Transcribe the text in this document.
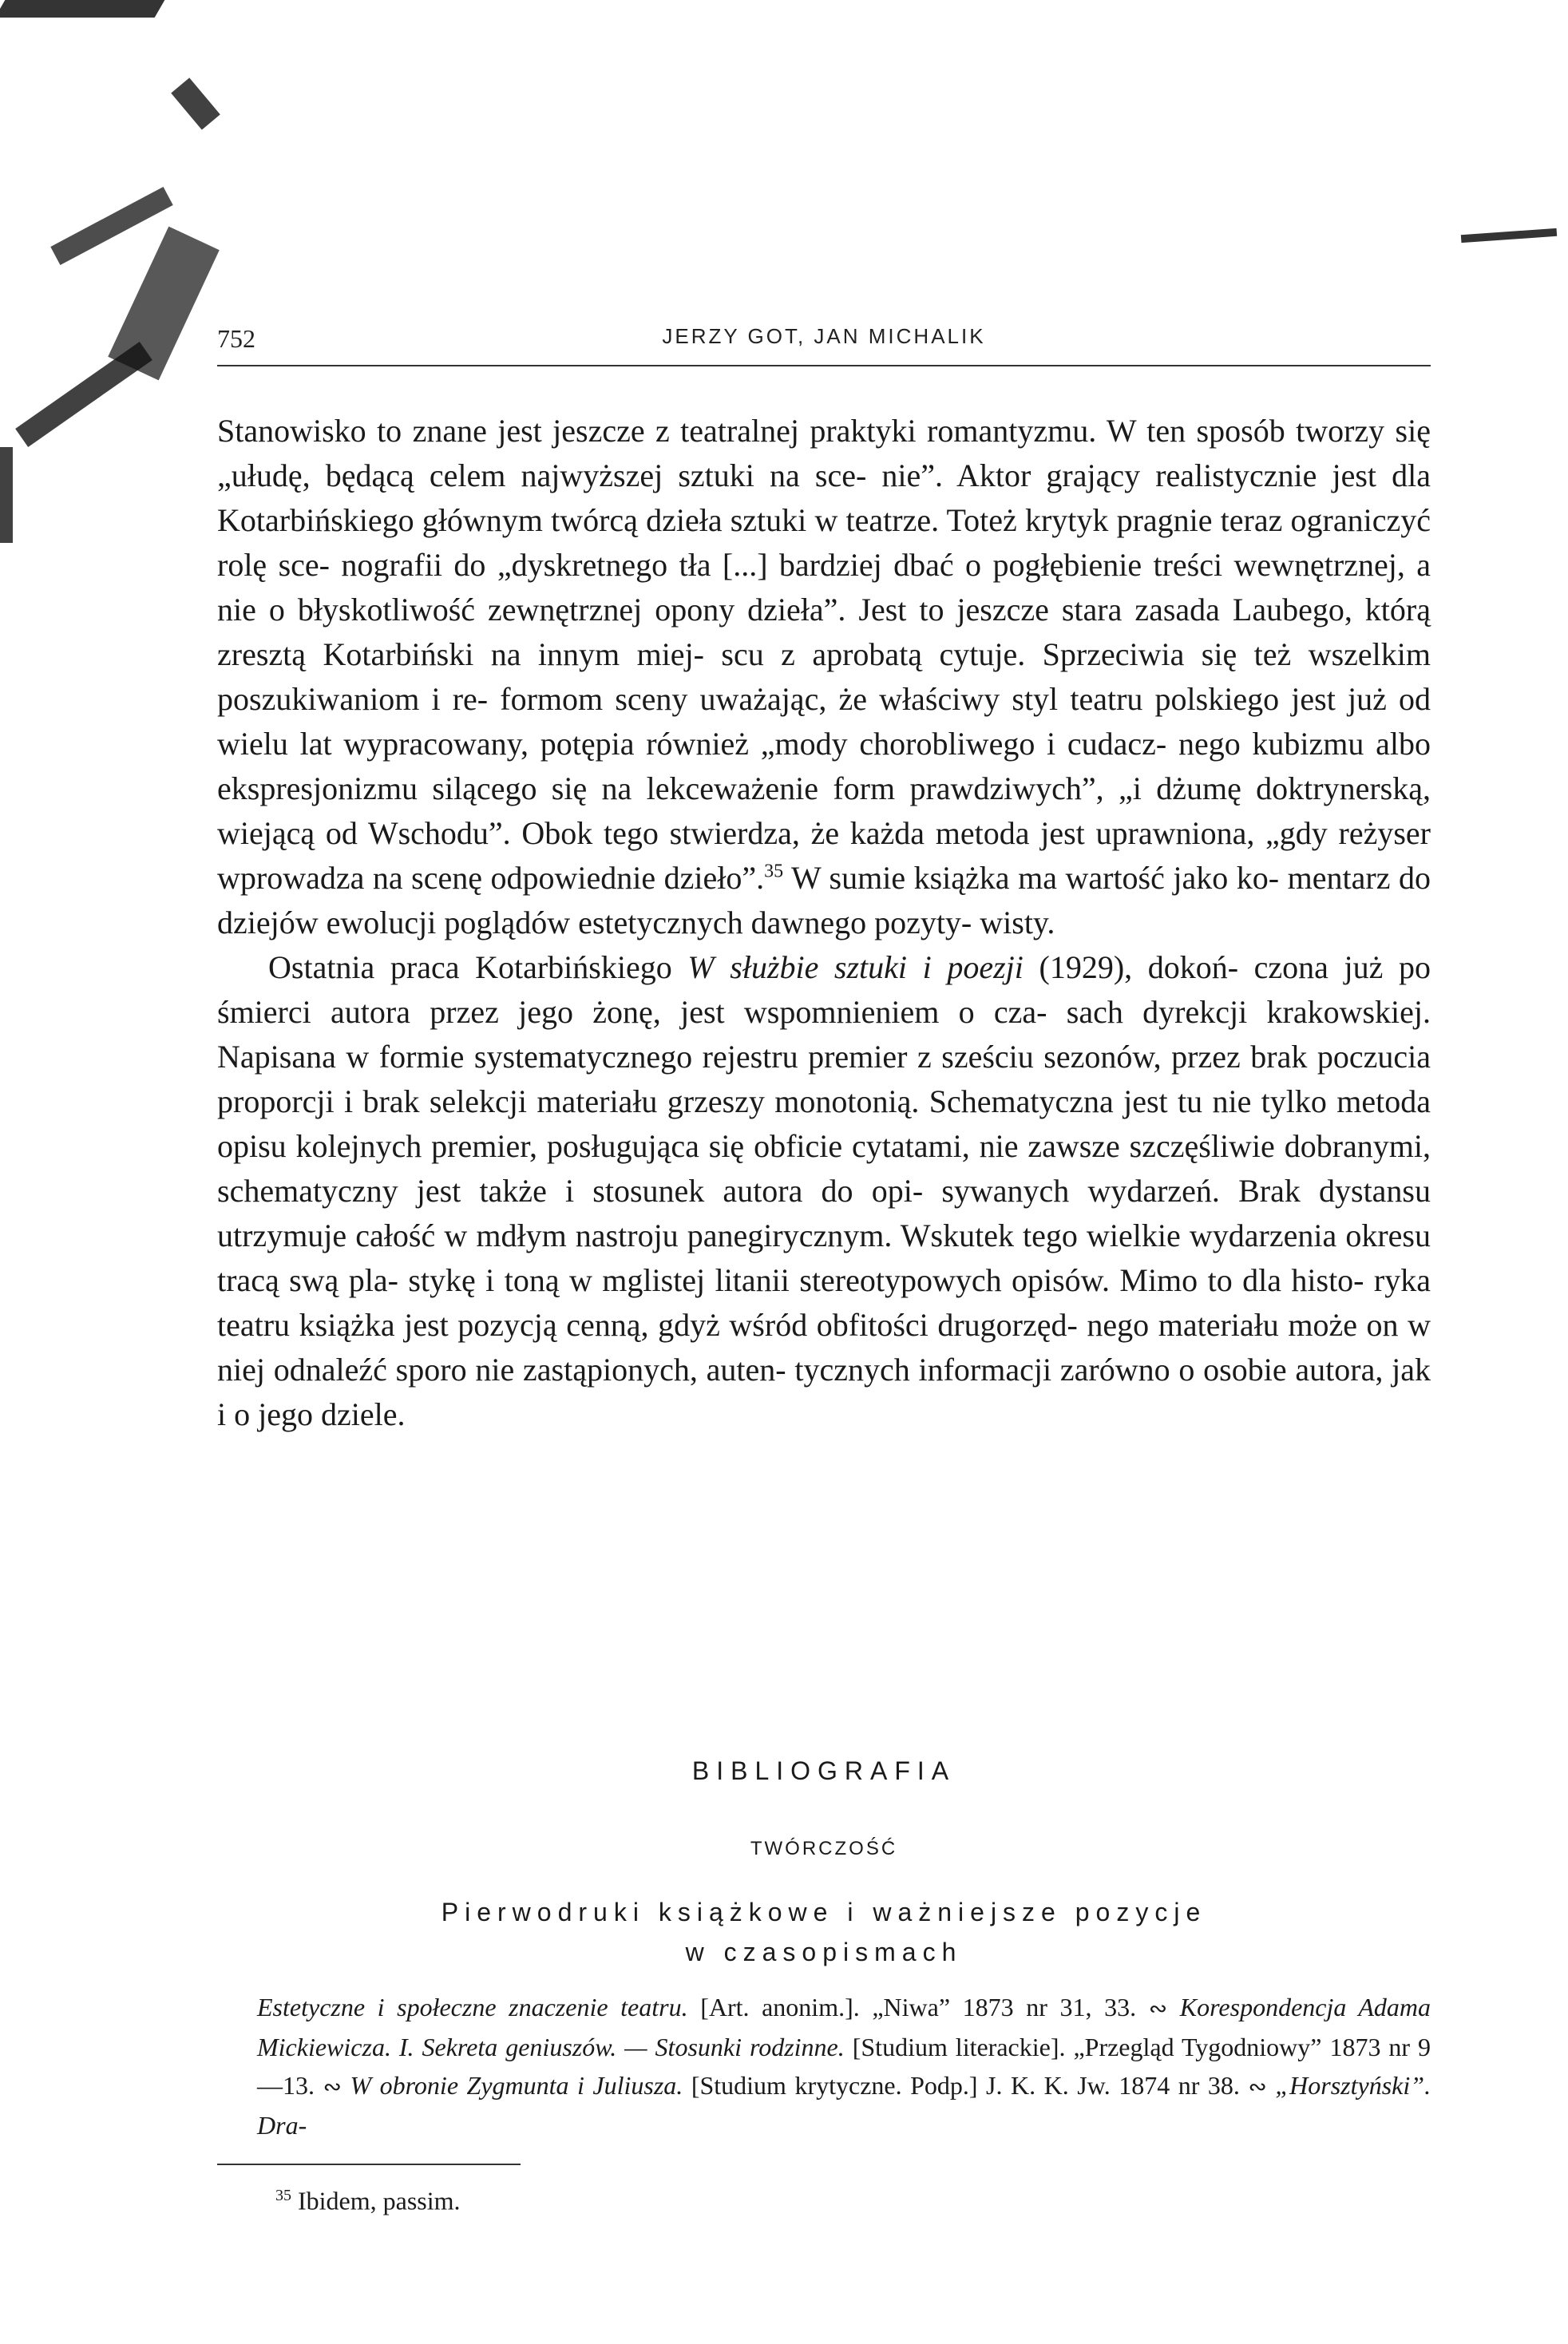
752	JERZY GOT, JAN MICHALIK

Stanowisko to znane jest jeszcze z teatralnej praktyki romantyzmu. W ten sposób tworzy się „ułudę, będącą celem najwyższej sztuki na sce- nie”. Aktor grający realistycznie jest dla Kotarbińskiego głównym twórcą dzieła sztuki w teatrze. Toteż krytyk pragnie teraz ograniczyć rolę sce- nografii do „dyskretnego tła [...] bardziej dbać o pogłębienie treści wewnętrznej, a nie o błyskotliwość zewnętrznej opony dzieła”. Jest to jeszcze stara zasada Laubego, którą zresztą Kotarbiński na innym miej- scu z aprobatą cytuje. Sprzeciwia się też wszelkim poszukiwaniom i re- formom sceny uważając, że właściwy styl teatru polskiego jest już od wielu lat wypracowany, potępia również „mody chorobliwego i cudacz- nego kubizmu albo ekspresjonizmu silącego się na lekceważenie form prawdziwych”, „i dżumę doktrynerską, wiejącą od Wschodu”. Obok tego stwierdza, że każda metoda jest uprawniona, „gdy reżyser wprowadza na scenę odpowiednie dzieło”.$^{35}$ W sumie książka ma wartość jako ko- mentarz do dziejów ewolucji poglądów estetycznych dawnego pozyty- wisty.

Ostatnia praca Kotarbińskiego W służbie sztuki i poezji (1929), dokoń- czona już po śmierci autora przez jego żonę, jest wspomnieniem o cza- sach dyrekcji krakowskiej. Napisana w formie systematycznego rejestru premier z sześciu sezonów, przez brak poczucia proporcji i brak selekcji materiału grzeszy monotonią. Schematyczna jest tu nie tylko metoda opisu kolejnych premier, posługująca się obficie cytatami, nie zawsze szczęśliwie dobranymi, schematyczny jest także i stosunek autora do opi- sywanych wydarzeń. Brak dystansu utrzymuje całość w mdłym nastroju panegirycznym. Wskutek tego wielkie wydarzenia okresu tracą swą pla- stykę i toną w mglistej litanii stereotypowych opisów. Mimo to dla histo- ryka teatru książka jest pozycją cenną, gdyż wśród obfitości drugorzęd- nego materiału może on w niej odnaleźć sporo nie zastąpionych, auten- tycznych informacji zarówno o osobie autora, jak i o jego dziele.

BIBLIOGRAFIA
TWÓRCZOŚĆ
Pierwodruki książkowe i ważniejsze pozycje
w czasopismach
Estetyczne i społeczne znaczenie teatru. [Art. anonim.]. „Niwa” 1873 nr 31, 33. ∾ Korespondencja Adama Mickiewicza. I. Sekreta geniuszów. — Stosunki rodzinne. [Studium literackie]. „Przegląd Tygodniowy” 1873 nr 9—13. ∾ W obronie Zygmunta i Juliusza. [Studium krytyczne. Podp.] J. K. K. Jw. 1874 nr 38. ∾ „Horsztyński”. Dra-
$^{35}$ Ibidem, passim.
